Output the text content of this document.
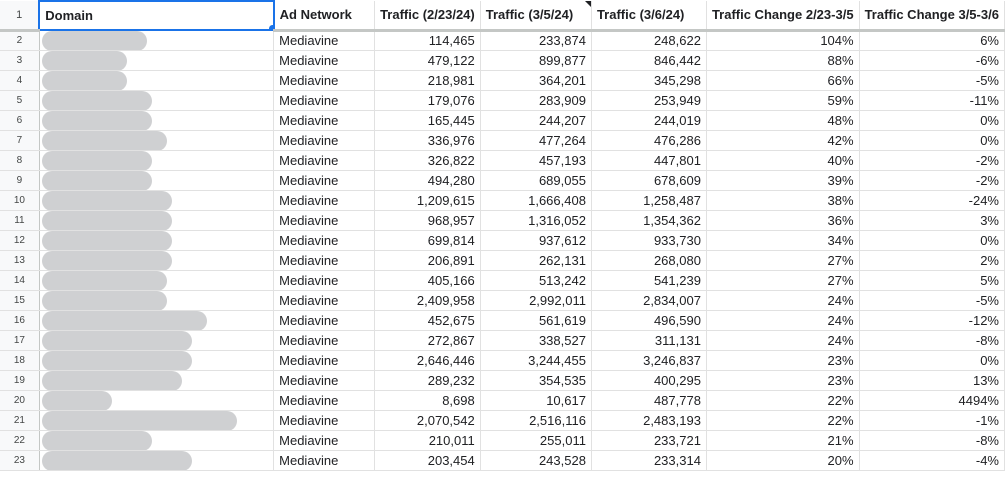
1	Domain	Ad Network	Traffic (2/23/24)	Traffic (3/5/24)	Traffic (3/6/24)	Traffic Change 2/23-3/5	Traffic Change 3/5-3/6
2		Mediavine	114,465	233,874	248,622	104%	6%
3		Mediavine	479,122	899,877	846,442	88%	-6%
4		Mediavine	218,981	364,201	345,298	66%	-5%
5		Mediavine	179,076	283,909	253,949	59%	-11%
6		Mediavine	165,445	244,207	244,019	48%	0%
7		Mediavine	336,976	477,264	476,286	42%	0%
8		Mediavine	326,822	457,193	447,801	40%	-2%
9		Mediavine	494,280	689,055	678,609	39%	-2%
10		Mediavine	1,209,615	1,666,408	1,258,487	38%	-24%
11		Mediavine	968,957	1,316,052	1,354,362	36%	3%
12		Mediavine	699,814	937,612	933,730	34%	0%
13		Mediavine	206,891	262,131	268,080	27%	2%
14		Mediavine	405,166	513,242	541,239	27%	5%
15		Mediavine	2,409,958	2,992,011	2,834,007	24%	-5%
16		Mediavine	452,675	561,619	496,590	24%	-12%
17		Mediavine	272,867	338,527	311,131	24%	-8%
18		Mediavine	2,646,446	3,244,455	3,246,837	23%	0%
19		Mediavine	289,232	354,535	400,295	23%	13%
20		Mediavine	8,698	10,617	487,778	22%	4494%
21		Mediavine	2,070,542	2,516,116	2,483,193	22%	-1%
22		Mediavine	210,011	255,011	233,721	21%	-8%
23		Mediavine	203,454	243,528	233,314	20%	-4%
